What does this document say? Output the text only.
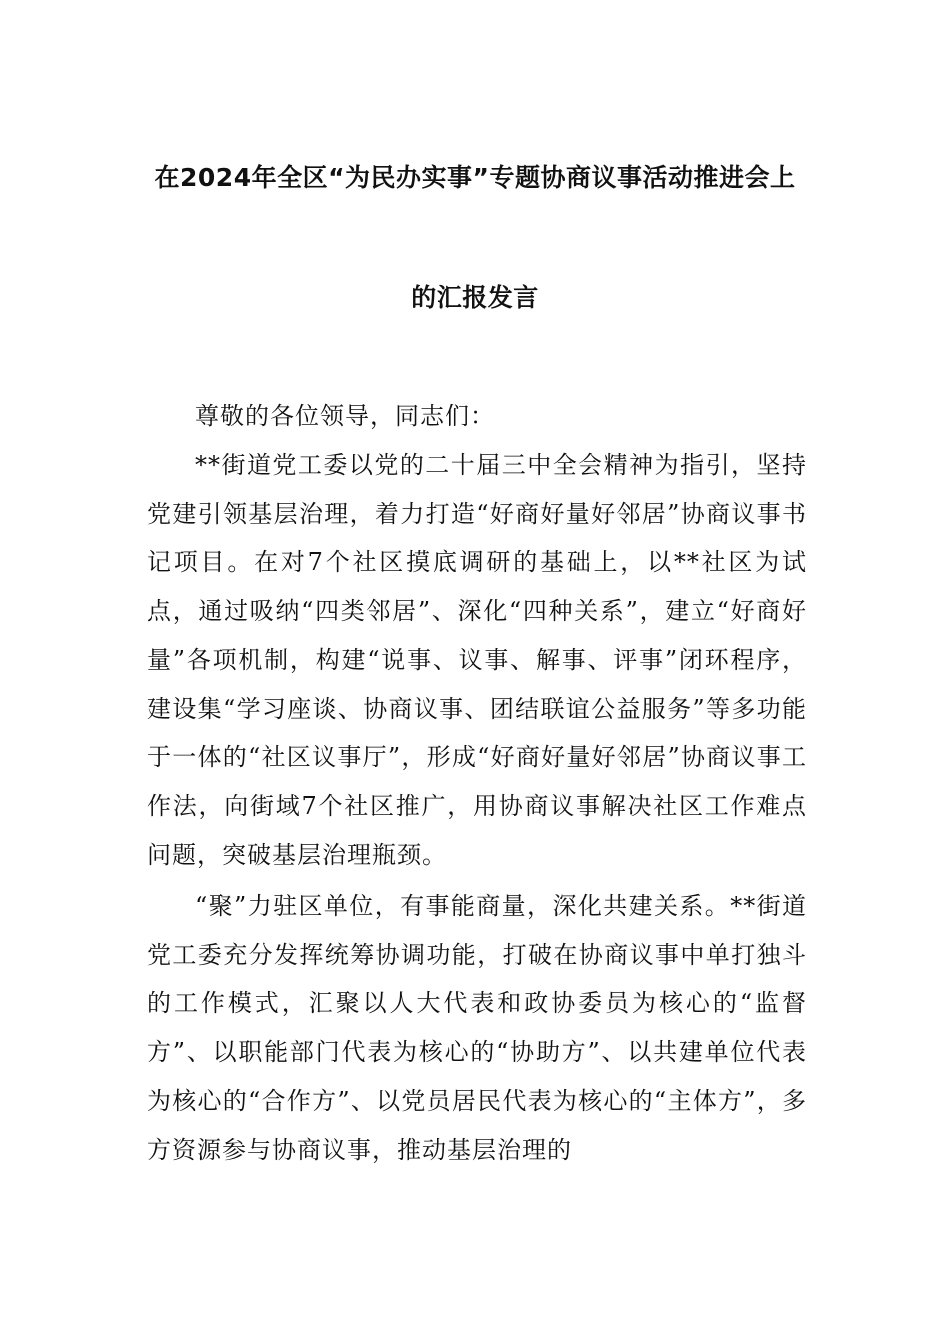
在2024年全区“为民办实事”专题协商议事活动推进会上
的汇报发言

尊敬的各位领导，同志们：

**街道党工委以党的二十届三中全会精神为指引，坚持党建引领基层治理，着力打造“好商好量好邻居”协商议事书记项目。在对7个社区摸底调研的基础上，以**社区为试点，通过吸纳“四类邻居”、深化“四种关系”，建立“好商好量”各项机制，构建“说事、议事、解事、评事”闭环程序，建设集“学习座谈、协商议事、团结联谊公益服务”等多功能于一体的“社区议事厅”，形成“好商好量好邻居”协商议事工作法，向街域7个社区推广，用协商议事解决社区工作难点问题，突破基层治理瓶颈。

“聚”力驻区单位，有事能商量，深化共建关系。**街道党工委充分发挥统筹协调功能，打破在协商议事中单打独斗的工作模式，汇聚以人大代表和政协委员为核心的“监督方”、以职能部门代表为核心的“协助方”、以共建单位代表为核心的“合作方”、以党员居民代表为核心的“主体方”，多方资源参与协商议事，推动基层治理的
